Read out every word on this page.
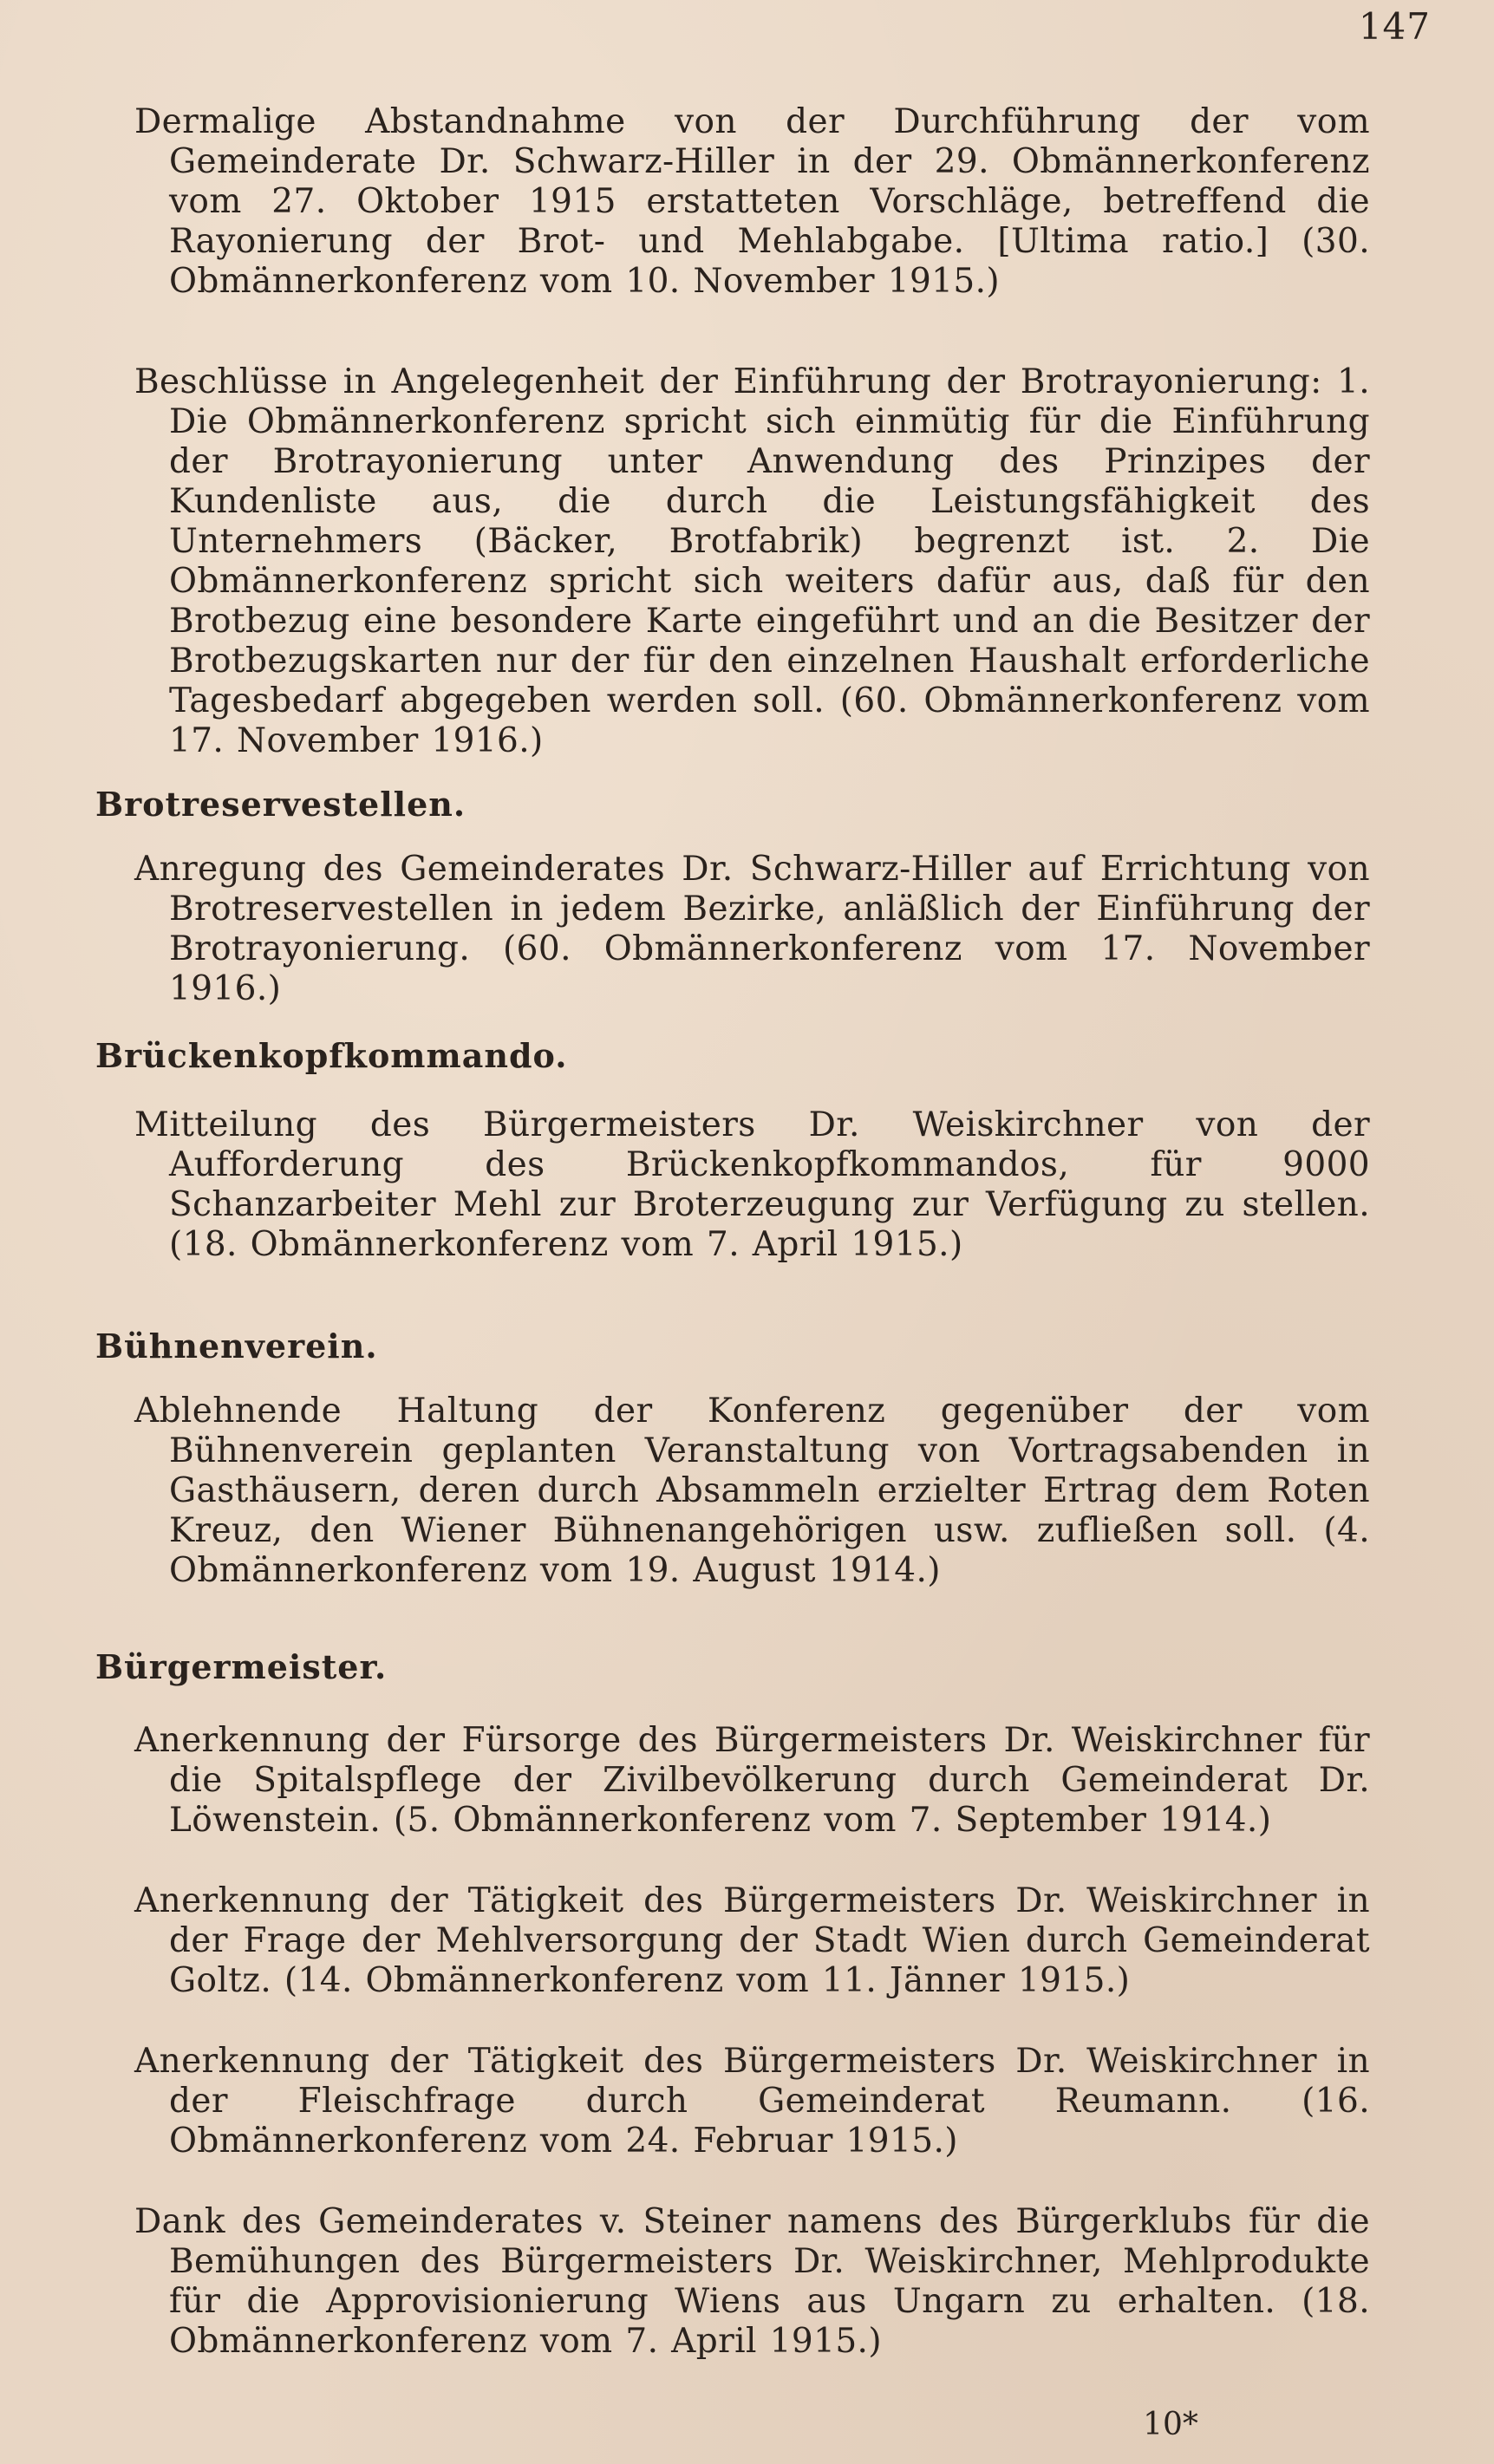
147

Dermalige Abstandnahme von der Durchführung der vom Gemeinderate Dr. Schwarz-Hiller in der 29. Obmännerkonferenz vom 27. Oktober 1915 erstatteten Vorschläge, betreffend die Rayonierung der Brot- und Mehlabgabe. [Ultima ratio.] (30. Obmännerkonferenz vom 10. November 1915.)

Beschlüsse in Angelegenheit der Einführung der Brotrayonierung: 1. Die Obmännerkonferenz spricht sich einmütig für die Einführung der Brotrayonierung unter Anwendung des Prinzipes der Kundenliste aus, die durch die Leistungsfähigkeit des Unternehmers (Bäcker, Brotfabrik) begrenzt ist. 2. Die Obmännerkonferenz spricht sich weiters dafür aus, daß für den Brotbezug eine besondere Karte eingeführt und an die Besitzer der Brotbezugskarten nur der für den einzelnen Haushalt erforderliche Tagesbedarf abgegeben werden soll. (60. Obmännerkonferenz vom 17. November 1916.)

Brotreservestellen.

Anregung des Gemeinderates Dr. Schwarz-Hiller auf Errichtung von Brotreservestellen in jedem Bezirke, anläßlich der Einführung der Brotrayonierung. (60. Obmännerkonferenz vom 17. November 1916.)

Brückenkopfkommando.

Mitteilung des Bürgermeisters Dr. Weiskirchner von der Aufforderung des Brückenkopfkommandos, für 9000 Schanzarbeiter Mehl zur Broterzeugung zur Verfügung zu stellen. (18. Obmännerkonferenz vom 7. April 1915.)

Bühnenverein.

Ablehnende Haltung der Konferenz gegenüber der vom Bühnenverein geplanten Veranstaltung von Vortragsabenden in Gasthäusern, deren durch Absammeln erzielter Ertrag dem Roten Kreuz, den Wiener Bühnenangehörigen usw. zufließen soll. (4. Obmännerkonferenz vom 19. August 1914.)

Bürgermeister.

Anerkennung der Fürsorge des Bürgermeisters Dr. Weiskirchner für die Spitalspflege der Zivilbevölkerung durch Gemeinderat Dr. Löwenstein. (5. Obmännerkonferenz vom 7. September 1914.)

Anerkennung der Tätigkeit des Bürgermeisters Dr. Weiskirchner in der Frage der Mehlversorgung der Stadt Wien durch Gemeinderat Goltz. (14. Obmännerkonferenz vom 11. Jänner 1915.)

Anerkennung der Tätigkeit des Bürgermeisters Dr. Weiskirchner in der Fleischfrage durch Gemeinderat Reumann. (16. Obmännerkonferenz vom 24. Februar 1915.)

Dank des Gemeinderates v. Steiner namens des Bürgerklubs für die Bemühungen des Bürgermeisters Dr. Weiskirchner, Mehlprodukte für die Approvisionierung Wiens aus Ungarn zu erhalten. (18. Obmännerkonferenz vom 7. April 1915.)

10*
